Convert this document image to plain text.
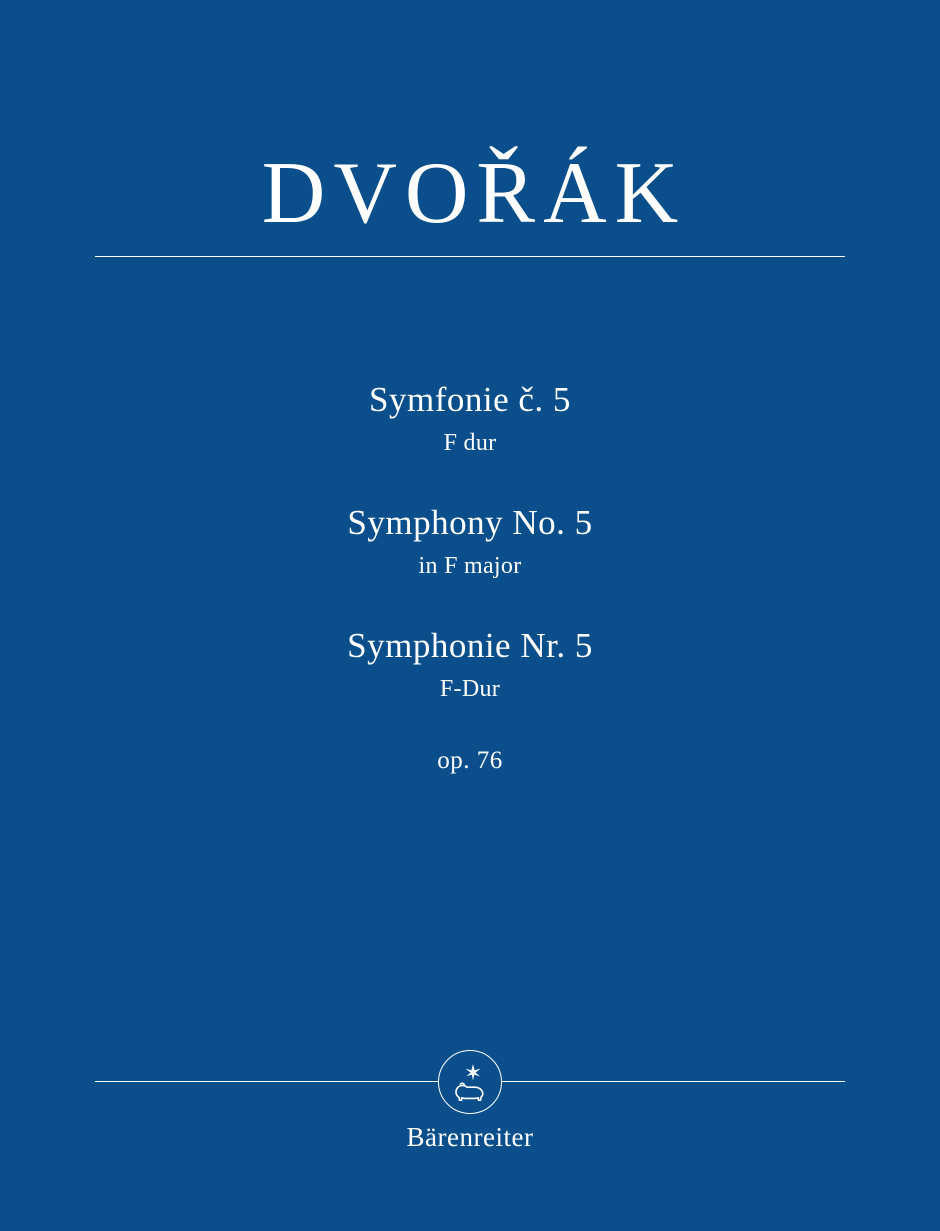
DVOŘÁK
Symfonie č. 5
F dur
Symphony No. 5
in F major
Symphonie Nr. 5
F-Dur
op. 76
Bärenreiter
